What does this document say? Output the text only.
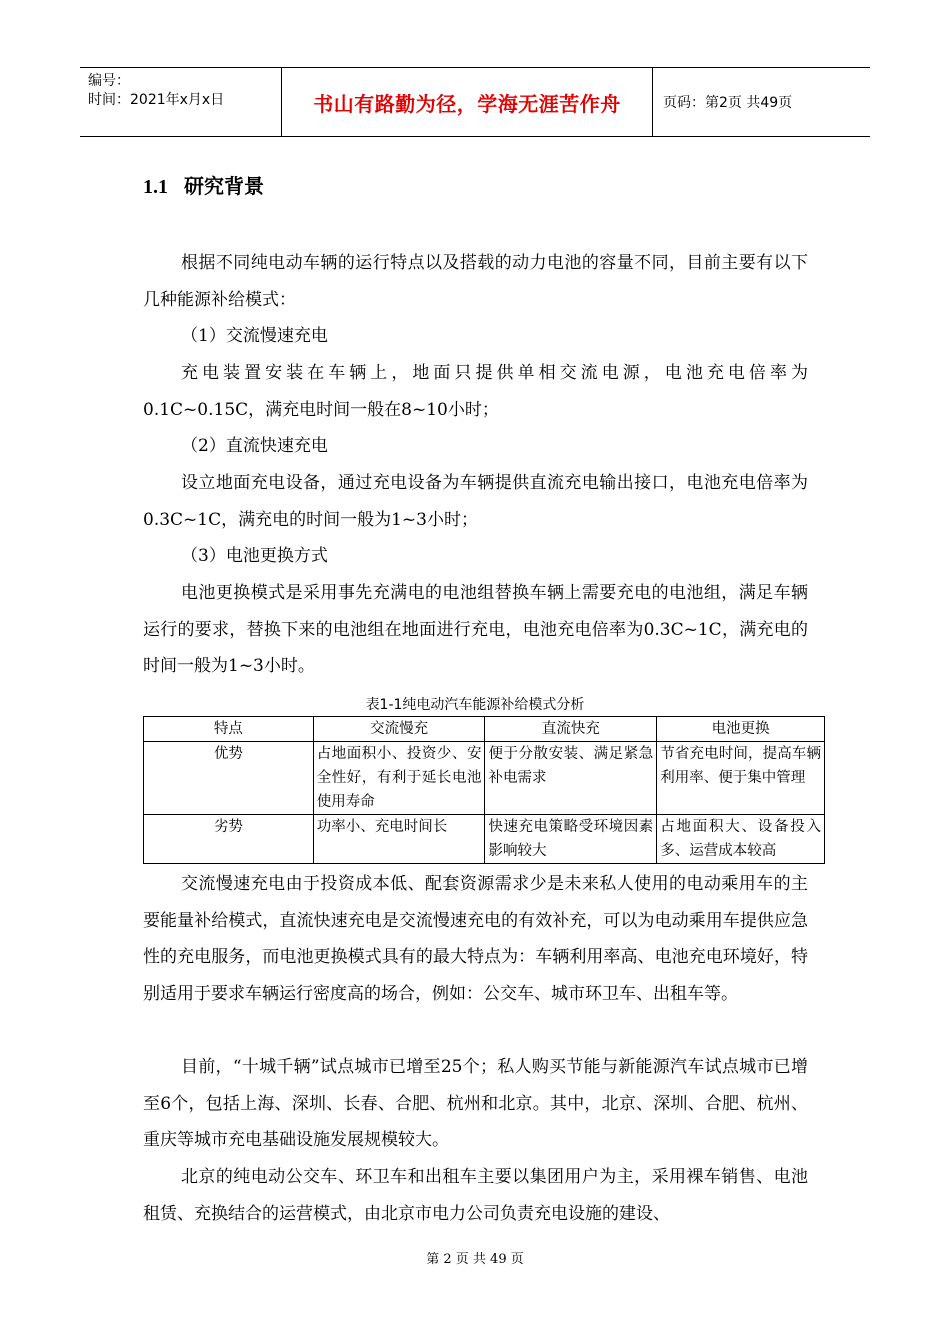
编号：
时间：2021年x月x日	书山有路勤为径，学海无涯苦作舟	页码：第2页 共49页
1.1 研究背景
根据不同纯电动车辆的运行特点以及搭载的动力电池的容量不同，目前主要有以下几种能源补给模式：
（1）交流慢速充电
充电装置安装在车辆上，地面只提供单相交流电源，电池充电倍率为0.1C~0.15C，满充电时间一般在8~10小时；
（2）直流快速充电
设立地面充电设备，通过充电设备为车辆提供直流充电输出接口，电池充电倍率为0.3C~1C，满充电的时间一般为1~3小时；
（3）电池更换方式
电池更换模式是采用事先充满电的电池组替换车辆上需要充电的电池组，满足车辆运行的要求，替换下来的电池组在地面进行充电，电池充电倍率为0.3C~1C，满充电的时间一般为1~3小时。
表1-1纯电动汽车能源补给模式分析
特点	交流慢充	直流快充	电池更换
优势	占地面积小、投资少、安全性好，有利于延长电池使用寿命	便于分散安装、满足紧急补电需求	节省充电时间，提高车辆利用率、便于集中管理
劣势	功率小、充电时间长	快速充电策略受环境因素影响较大	占地面积大、设备投入多、运营成本较高
交流慢速充电由于投资成本低、配套资源需求少是未来私人使用的电动乘用车的主要能量补给模式，直流快速充电是交流慢速充电的有效补充，可以为电动乘用车提供应急性的充电服务，而电池更换模式具有的最大特点为：车辆利用率高、电池充电环境好，特别适用于要求车辆运行密度高的场合，例如：公交车、城市环卫车、出租车等。
目前，“十城千辆”试点城市已增至25个；私人购买节能与新能源汽车试点城市已增至6个，包括上海、深圳、长春、合肥、杭州和北京。其中，北京、深圳、合肥、杭州、重庆等城市充电基础设施发展规模较大。
北京的纯电动公交车、环卫车和出租车主要以集团用户为主，采用裸车销售、电池租赁、充换结合的运营模式，由北京市电力公司负责充电设施的建设、
第 2 页 共 49 页
